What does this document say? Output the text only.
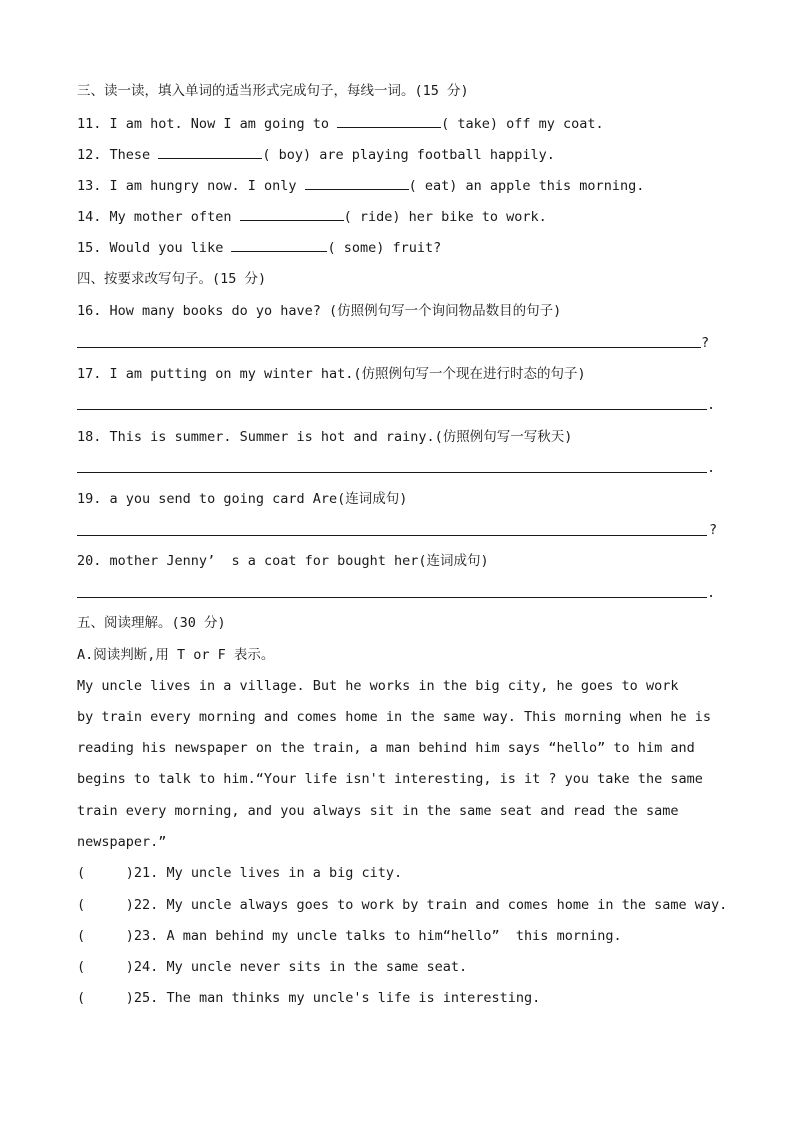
三、读一读，填入单词的适当形式完成句子，每线一词。(15 分)
11. I am hot. Now I am going to	( take) off my coat.
12. These	( boy) are playing football happily.
13. I am hungry now. I only	( eat) an apple this morning.
14. My mother often	( ride) her bike to work.
15. Would you like	( some) fruit?
四、按要求改写句子。(15 分)
16. How many books do yo have? (仿照例句写一个询问物品数目的句子)
?
17. I am putting on my winter hat.(仿照例句写一个现在进行时态的句子)
.
18. This is summer. Summer is hot and rainy.(仿照例句写一写秋天)
.
19. a you send to going card Are(连词成句)
?
20. mother Jenny’  s a coat for bought her(连词成句)
.
五、阅读理解。(30 分)
A.阅读判断,用 T or F 表示。
My uncle lives in a village. But he works in the big city, he goes to work
by train every morning and comes home in the same way. This morning when he is
reading his newspaper on the train, a man behind him says “hello” to him and
begins to talk to him.“Your life isn't interesting, is it ? you take the same
train every morning, and you always sit in the same seat and read the same
newspaper.”
(     )21. My uncle lives in a big city.
(     )22. My uncle always goes to work by train and comes home in the same way.
(     )23. A man behind my uncle talks to him“hello”  this morning.
(     )24. My uncle never sits in the same seat.
(     )25. The man thinks my uncle's life is interesting.
